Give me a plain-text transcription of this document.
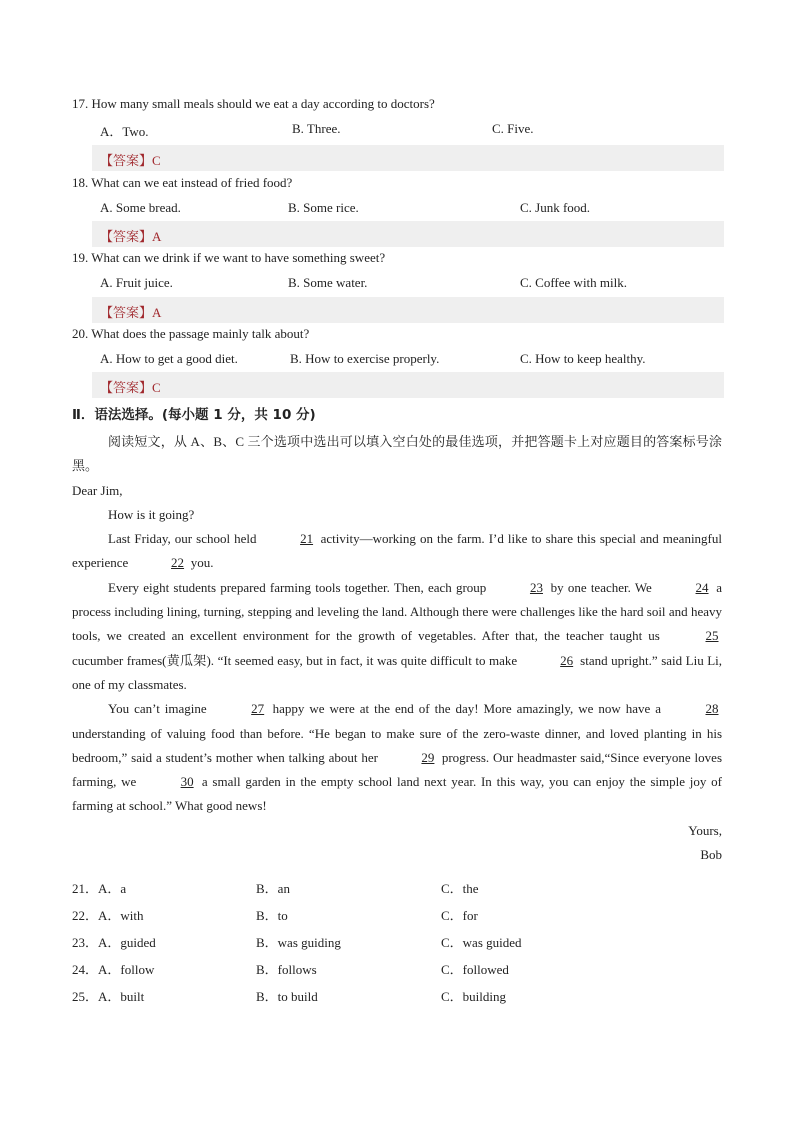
17. How many small meals should we eat a day according to doctors?
A．Two.	B. Three.	C. Five.
【答案】C
18. What can we eat instead of fried food?
A. Some bread.	B. Some rice.	C. Junk food.
【答案】A
19. What can we drink if we want to have something sweet?
A. Fruit juice.	B. Some water.	C. Coffee with milk.
【答案】A
20. What does the passage mainly talk about?
A. How to get a good diet.	B. How to exercise properly.	C. How to keep healthy.
【答案】C
Ⅱ．语法选择。(每小题 1 分，共 10 分)

阅读短文，从 A、B、C 三个选项中选出可以填入空白处的最佳选项，并把答题卡上对应题目的答案标号涂黑。

Dear Jim,

How is it going?

Last Friday, our school held	21 activity—working on the farm. I’d like to share this special and meaningful experience	22 you.

Every eight students prepared farming tools together. Then, each group	23 by one teacher. We	24 a process including lining, turning, stepping and leveling the land. Although there were challenges like the hard soil and heavy tools, we created an excellent environment for the growth of vegetables. After that, the teacher taught us	25 cucumber frames(黄瓜架). “It seemed easy, but in fact, it was quite difficult to make	26 stand upright.” said Liu Li, one of my classmates.

You can’t imagine	27 happy we were at the end of the day! More amazingly, we now have a	28 understanding of valuing food than before. “He began to make sure of the zero-waste dinner, and loved planting in his bedroom,” said a student’s mother when talking about her	29 progress. Our headmaster said,“Since everyone loves farming, we	30 a small garden in the empty school land next year. In this way, you can enjoy the simple joy of farming at school.” What good news!

Yours,

Bob

21．A．a	B．an	C．the
22．A．with	B．to	C．for
23．A．guided	B．was guiding	C．was guided
24．A．follow	B．follows	C．followed
25．A．built	B．to build	C．building
